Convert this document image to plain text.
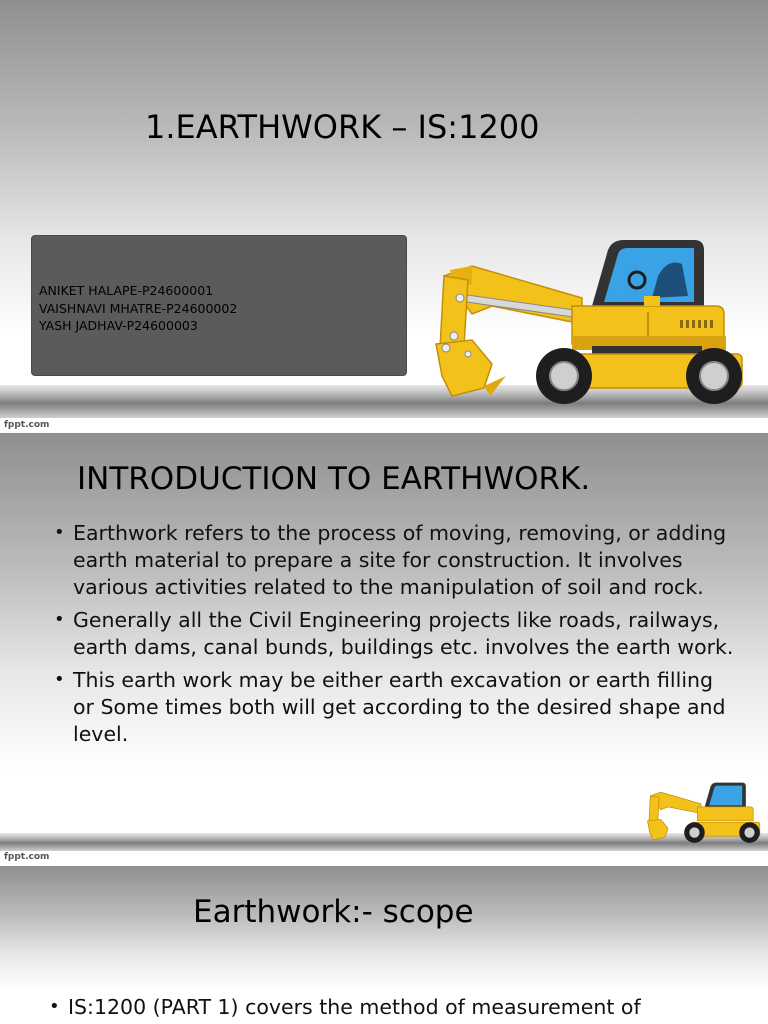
1.EARTHWORK – IS:1200
ANIKET HALAPE-P24600001
VAISHNAVI MHATRE-P24600002
YASH JADHAV-P24600003
fppt.com
INTRODUCTION TO EARTHWORK.
• Earthwork refers to the process of moving, removing, or adding earth material to prepare a site for construction. It involves various activities related to the manipulation of soil and rock.
• Generally all the Civil Engineering projects like roads, railways, earth dams, canal bunds, buildings etc. involves the earth work.
• This earth work may be either earth excavation or earth filling or Some times both will get according to the desired shape and level.
fppt.com
Earthwork:- scope
• IS:1200 (PART 1) covers the method of measurement of
